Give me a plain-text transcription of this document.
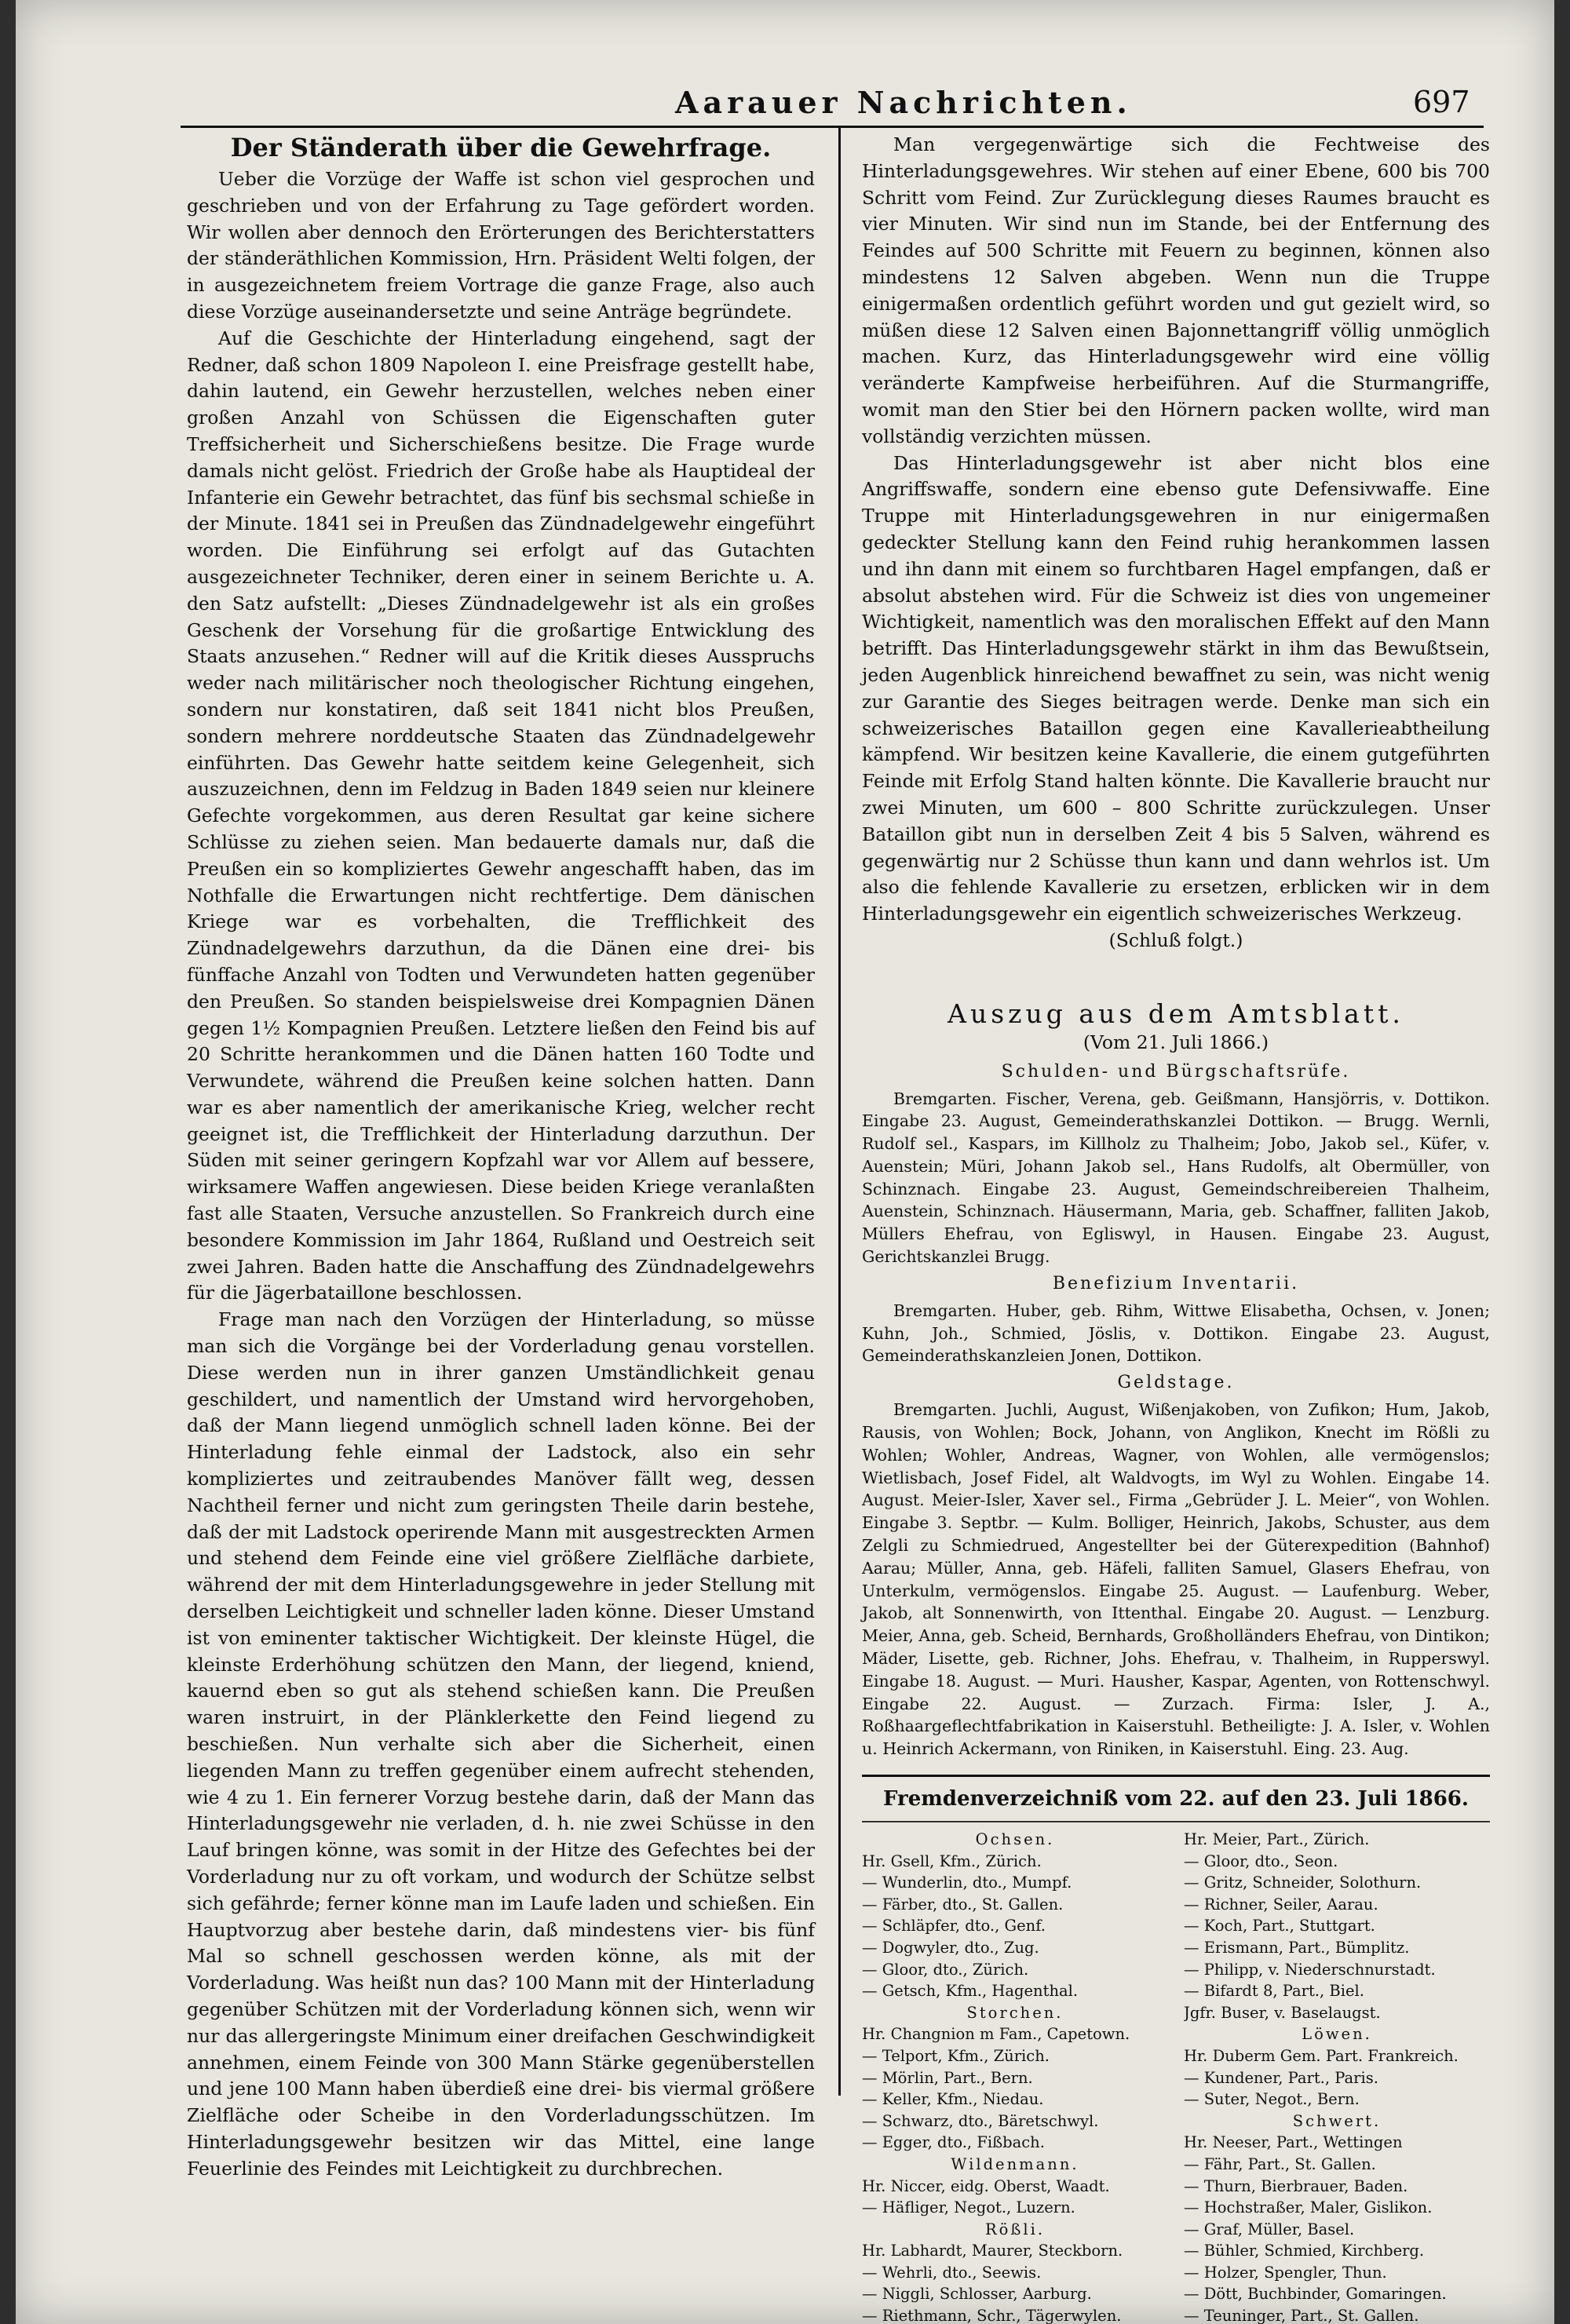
Aarauer Nachrichten.	697
Der Ständerath über die Gewehrfrage.

Ueber die Vorzüge der Waffe ist schon viel gesprochen und geschrieben und von der Erfahrung zu Tage gefördert worden. Wir wollen aber dennoch den Erörterungen des Berichterstatters der ständeräthlichen Kommission, Hrn. Präsident Welti folgen, der in ausgezeichnetem freiem Vortrage die ganze Frage, also auch diese Vorzüge auseinandersetzte und seine Anträge begründete.

Auf die Geschichte der Hinterladung eingehend, sagt der Redner, daß schon 1809 Napoleon I. eine Preisfrage gestellt habe, dahin lautend, ein Gewehr herzustellen, welches neben einer großen Anzahl von Schüssen die Eigenschaften guter Treffsicherheit und Sicherschießens besitze. Die Frage wurde damals nicht gelöst. Friedrich der Große habe als Hauptideal der Infanterie ein Gewehr betrachtet, das fünf bis sechsmal schieße in der Minute. 1841 sei in Preußen das Zündnadelgewehr eingeführt worden. Die Einführung sei erfolgt auf das Gutachten ausgezeichneter Techniker, deren einer in seinem Berichte u. A. den Satz aufstellt: „Dieses Zündnadelgewehr ist als ein großes Geschenk der Vorsehung für die großartige Entwicklung des Staats anzusehen.“ Redner will auf die Kritik dieses Ausspruchs weder nach militärischer noch theologischer Richtung eingehen, sondern nur konstatiren, daß seit 1841 nicht blos Preußen, sondern mehrere norddeutsche Staaten das Zündnadelgewehr einführten. Das Gewehr hatte seitdem keine Gelegenheit, sich auszuzeichnen, denn im Feldzug in Baden 1849 seien nur kleinere Gefechte vorgekommen, aus deren Resultat gar keine sichere Schlüsse zu ziehen seien. Man bedauerte damals nur, daß die Preußen ein so kompliziertes Gewehr angeschafft haben, das im Nothfalle die Erwartungen nicht rechtfertige. Dem dänischen Kriege war es vorbehalten, die Trefflichkeit des Zündnadelgewehrs darzuthun, da die Dänen eine drei- bis fünffache Anzahl von Todten und Verwundeten hatten gegenüber den Preußen. So standen beispielsweise drei Kompagnien Dänen gegen 1½ Kompagnien Preußen. Letztere ließen den Feind bis auf 20 Schritte herankommen und die Dänen hatten 160 Todte und Verwundete, während die Preußen keine solchen hatten. Dann war es aber namentlich der amerikanische Krieg, welcher recht geeignet ist, die Trefflichkeit der Hinterladung darzuthun. Der Süden mit seiner geringern Kopfzahl war vor Allem auf bessere, wirksamere Waffen angewiesen. Diese beiden Kriege veranlaßten fast alle Staaten, Versuche anzustellen. So Frankreich durch eine besondere Kommission im Jahr 1864, Rußland und Oestreich seit zwei Jahren. Baden hatte die Anschaffung des Zündnadelgewehrs für die Jägerbataillone beschlossen.

Frage man nach den Vorzügen der Hinterladung, so müsse man sich die Vorgänge bei der Vorderladung genau vorstellen. Diese werden nun in ihrer ganzen Umständlichkeit genau geschildert, und namentlich der Umstand wird hervorgehoben, daß der Mann liegend unmöglich schnell laden könne. Bei der Hinterladung fehle einmal der Ladstock, also ein sehr kompliziertes und zeitraubendes Manöver fällt weg, dessen Nachtheil ferner und nicht zum geringsten Theile darin bestehe, daß der mit Ladstock operirende Mann mit ausgestreckten Armen und stehend dem Feinde eine viel größere Zielfläche darbiete, während der mit dem Hinterladungsgewehre in jeder Stellung mit derselben Leichtigkeit und schneller laden könne. Dieser Umstand ist von eminenter taktischer Wichtigkeit. Der kleinste Hügel, die kleinste Erderhöhung schützen den Mann, der liegend, kniend, kauernd eben so gut als stehend schießen kann. Die Preußen waren instruirt, in der Plänklerkette den Feind liegend zu beschießen. Nun verhalte sich aber die Sicherheit, einen liegenden Mann zu treffen gegenüber einem aufrecht stehenden, wie 4 zu 1. Ein fernerer Vorzug bestehe darin, daß der Mann das Hinterladungsgewehr nie verladen, d. h. nie zwei Schüsse in den Lauf bringen könne, was somit in der Hitze des Gefechtes bei der Vorderladung nur zu oft vorkam, und wodurch der Schütze selbst sich gefährde; ferner könne man im Laufe laden und schießen. Ein Hauptvorzug aber bestehe darin, daß mindestens vier- bis fünf Mal so schnell geschossen werden könne, als mit der Vorderladung. Was heißt nun das? 100 Mann mit der Hinterladung gegenüber Schützen mit der Vorderladung können sich, wenn wir nur das allergeringste Minimum einer dreifachen Geschwindigkeit annehmen, einem Feinde von 300 Mann Stärke gegenüberstellen und jene 100 Mann haben überdieß eine drei- bis viermal größere Zielfläche oder Scheibe in den Vorderladungsschützen. Im Hinterladungsgewehr besitzen wir das Mittel, eine lange Feuerlinie des Feindes mit Leichtigkeit zu durchbrechen.

Man vergegenwärtige sich die Fechtweise des Hinterladungsgewehres. Wir stehen auf einer Ebene, 600 bis 700 Schritt vom Feind. Zur Zurücklegung dieses Raumes braucht es vier Minuten. Wir sind nun im Stande, bei der Entfernung des Feindes auf 500 Schritte mit Feuern zu beginnen, können also mindestens 12 Salven abgeben. Wenn nun die Truppe einigermaßen ordentlich geführt worden und gut gezielt wird, so müßen diese 12 Salven einen Bajonnettangriff völlig unmöglich machen. Kurz, das Hinterladungsgewehr wird eine völlig veränderte Kampfweise herbeiführen. Auf die Sturmangriffe, womit man den Stier bei den Hörnern packen wollte, wird man vollständig verzichten müssen.

Das Hinterladungsgewehr ist aber nicht blos eine Angriffswaffe, sondern eine ebenso gute Defensivwaffe. Eine Truppe mit Hinterladungsgewehren in nur einigermaßen gedeckter Stellung kann den Feind ruhig herankommen lassen und ihn dann mit einem so furchtbaren Hagel empfangen, daß er absolut abstehen wird. Für die Schweiz ist dies von ungemeiner Wichtigkeit, namentlich was den moralischen Effekt auf den Mann betrifft. Das Hinterladungsgewehr stärkt in ihm das Bewußtsein, jeden Augenblick hinreichend bewaffnet zu sein, was nicht wenig zur Garantie des Sieges beitragen werde. Denke man sich ein schweizerisches Bataillon gegen eine Kavallerieabtheilung kämpfend. Wir besitzen keine Kavallerie, die einem gutgeführten Feinde mit Erfolg Stand halten könnte. Die Kavallerie braucht nur zwei Minuten, um 600 – 800 Schritte zurückzulegen. Unser Bataillon gibt nun in derselben Zeit 4 bis 5 Salven, während es gegenwärtig nur 2 Schüsse thun kann und dann wehrlos ist. Um also die fehlende Kavallerie zu ersetzen, erblicken wir in dem Hinterladungsgewehr ein eigentlich schweizerisches Werkzeug.

(Schluß folgt.)
Auszug aus dem Amtsblatt.
(Vom 21. Juli 1866.)
Schulden- und Bürgschaftsrüfe.

Bremgarten. Fischer, Verena, geb. Geißmann, Hansjörris, v. Dottikon. Eingabe 23. August, Gemeinderathskanzlei Dottikon. — Brugg. Wernli, Rudolf sel., Kaspars, im Killholz zu Thalheim; Jobo, Jakob sel., Küfer, v. Auenstein; Müri, Johann Jakob sel., Hans Rudolfs, alt Obermüller, von Schinznach. Eingabe 23. August, Gemeindschreibereien Thalheim, Auenstein, Schinznach. Häusermann, Maria, geb. Schaffner, falliten Jakob, Müllers Ehefrau, von Egliswyl, in Hausen. Eingabe 23. August, Gerichtskanzlei Brugg.

Benefizium Inventarii.

Bremgarten. Huber, geb. Rihm, Wittwe Elisabetha, Ochsen, v. Jonen; Kuhn, Joh., Schmied, Jöslis, v. Dottikon. Eingabe 23. August, Gemeinderathskanzleien Jonen, Dottikon.

Geldstage.

Bremgarten. Juchli, August, Wißenjakoben, von Zufikon; Hum, Jakob, Rausis, von Wohlen; Bock, Johann, von Anglikon, Knecht im Rößli zu Wohlen; Wohler, Andreas, Wagner, von Wohlen, alle vermögenslos; Wietlisbach, Josef Fidel, alt Waldvogts, im Wyl zu Wohlen. Eingabe 14. August. Meier-Isler, Xaver sel., Firma „Gebrüder J. L. Meier“, von Wohlen. Eingabe 3. Septbr. — Kulm. Bolliger, Heinrich, Jakobs, Schuster, aus dem Zelgli zu Schmiedrued, Angestellter bei der Güterexpedition (Bahnhof) Aarau; Müller, Anna, geb. Häfeli, falliten Samuel, Glasers Ehefrau, von Unterkulm, vermögenslos. Eingabe 25. August. — Laufenburg. Weber, Jakob, alt Sonnenwirth, von Ittenthal. Eingabe 20. August. — Lenzburg. Meier, Anna, geb. Scheid, Bernhards, Großholländers Ehefrau, von Dintikon; Mäder, Lisette, geb. Richner, Johs. Ehefrau, v. Thalheim, in Rupperswyl. Eingabe 18. August. — Muri. Hausher, Kaspar, Agenten, von Rottenschwyl. Eingabe 22. August. — Zurzach. Firma: Isler, J. A., Roßhaargeflechtfabrikation in Kaiserstuhl. Betheiligte: J. A. Isler, v. Wohlen u. Heinrich Ackermann, von Riniken, in Kaiserstuhl. Eing. 23. Aug.

Fremdenverzeichniß vom 22. auf den 23. Juli 1866.
Ochsen.
Hr. Gsell, Kfm., Zürich.
— Wunderlin, dto., Mumpf.
— Färber, dto., St. Gallen.
— Schläpfer, dto., Genf.
— Dogwyler, dto., Zug.
— Gloor, dto., Zürich.
— Getsch, Kfm., Hagenthal.
Storchen.
Hr. Changnion m Fam., Capetown.
— Telport, Kfm., Zürich.
— Mörlin, Part., Bern.
— Keller, Kfm., Niedau.
— Schwarz, dto., Bäretschwyl.
— Egger, dto., Fißbach.
Wildenmann.
Hr. Niccer, eidg. Oberst, Waadt.
— Häfliger, Negot., Luzern.
Rößli.
Hr. Labhardt, Maurer, Steckborn.
— Wehrli, dto., Seewis.
— Niggli, Schlosser, Aarburg.
— Riethmann, Schr., Tägerwylen.
Hr. Meier, Part., Zürich.
— Gloor, dto., Seon.
— Gritz, Schneider, Solothurn.
— Richner, Seiler, Aarau.
— Koch, Part., Stuttgart.
— Erismann, Part., Bümplitz.
— Philipp, v. Niederschnurstadt.
— Bifardt 8, Part., Biel.
Jgfr. Buser, v. Baselaugst.
Löwen.
Hr. Duberm Gem. Part. Frankreich.
— Kundener, Part., Paris.
— Suter, Negot., Bern.
Schwert.
Hr. Neeser, Part., Wettingen
— Fähr, Part., St. Gallen.
— Thurn, Bierbrauer, Baden.
— Hochstraßer, Maler, Gislikon.
— Graf, Müller, Basel.
— Bühler, Schmied, Kirchberg.
— Holzer, Spengler, Thun.
— Dött, Buchbinder, Gomaringen.
— Teuninger, Part., St. Gallen.
